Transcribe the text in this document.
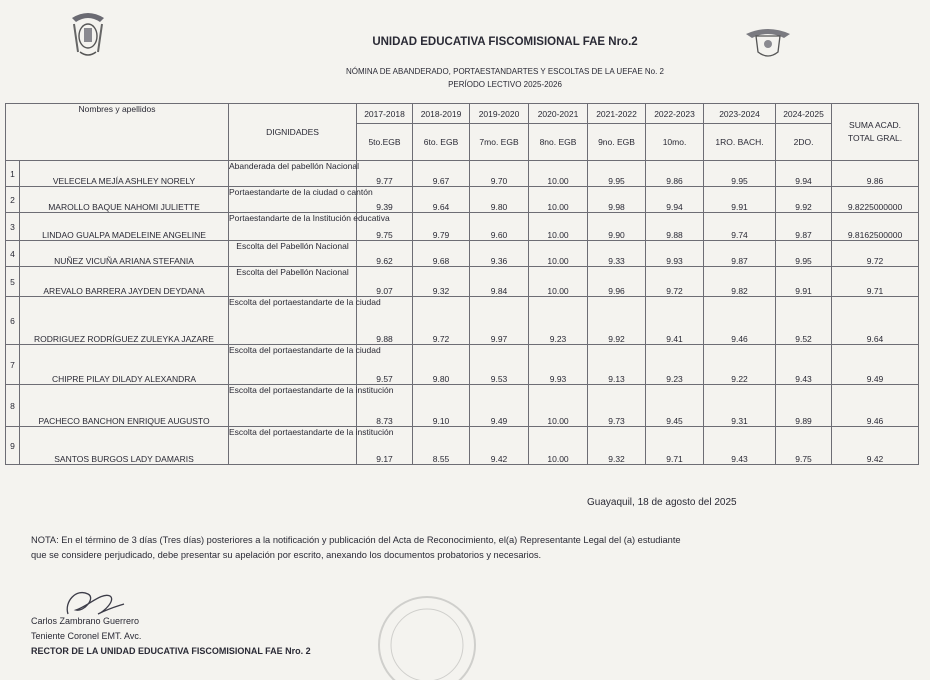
UNIDAD EDUCATIVA FISCOMISIONAL FAE Nro.2
NÓMINA DE ABANDERADO, PORTAESTANDARTES Y ESCOLTAS DE LA UEFAE No. 2
PERÍODO LECTIVO 2025-2026
Nombres y apellidos		DIGNIDADES	2017-2018	2018-2019	2019-2020	2020-2021	2021-2022	2022-2023	2023-2024	2024-2025	SUMA ACAD.
TOTAL GRAL.

			5to.EGB	6to. EGB	7mo. EGB	8no. EGB	9no. EGB	10mo.	1RO. BACH.	2DO.	
1	VELECELA MEJÍA ASHLEY NORELY	Abanderada del pabellón Nacional	9.77	9.67	9.70	10.00	9.95	9.86	9.95	9.94	9.86
2	MAROLLO BAQUE NAHOMI JULIETTE	Portaestandarte de la ciudad o cantón	9.39	9.64	9.80	10.00	9.98	9.94	9.91	9.92	9.8225000000
3	LINDAO GUALPA MADELEINE ANGELINE	Portaestandarte de la Institución educativa	9.75	9.79	9.60	10.00	9.90	9.88	9.74	9.87	9.8162500000
4	NUÑEZ VICUÑA ARIANA STEFANIA	Escolta del Pabellón Nacional	9.62	9.68	9.36	10.00	9.33	9.93	9.87	9.95	9.72
5	AREVALO BARRERA JAYDEN DEYDANA	Escolta del Pabellón Nacional	9.07	9.32	9.84	10.00	9.96	9.72	9.82	9.91	9.71
6	RODRIGUEZ RODRÍGUEZ ZULEYKA JAZARE	Escolta del portaestandarte de la ciudad	9.88	9.72	9.97	9.23	9.92	9.41	9.46	9.52	9.64
7	CHIPRE PILAY DILADY ALEXANDRA	Escolta del portaestandarte de la ciudad	9.57	9.80	9.53	9.93	9.13	9.23	9.22	9.43	9.49
8	PACHECO BANCHON ENRIQUE AUGUSTO	Escolta del portaestandarte de la institución	8.73	9.10	9.49	10.00	9.73	9.45	9.31	9.89	9.46
9	SANTOS BURGOS LADY DAMARIS	Escolta del portaestandarte de la institución	9.17	8.55	9.42	10.00	9.32	9.71	9.43	9.75	9.42
Guayaquil, 18 de agosto del 2025
NOTA: En el término de 3 días (Tres días) posteriores a la notificación y publicación del Acta de Reconocimiento, el(a) Representante Legal del (a) estudiante
que se considere perjudicado, debe presentar su apelación por escrito, anexando los documentos probatorios y necesarios.
Carlos Zambrano Guerrero
Teniente Coronel EMT. Avc.
RECTOR DE LA UNIDAD EDUCATIVA FISCOMISIONAL FAE Nro. 2
